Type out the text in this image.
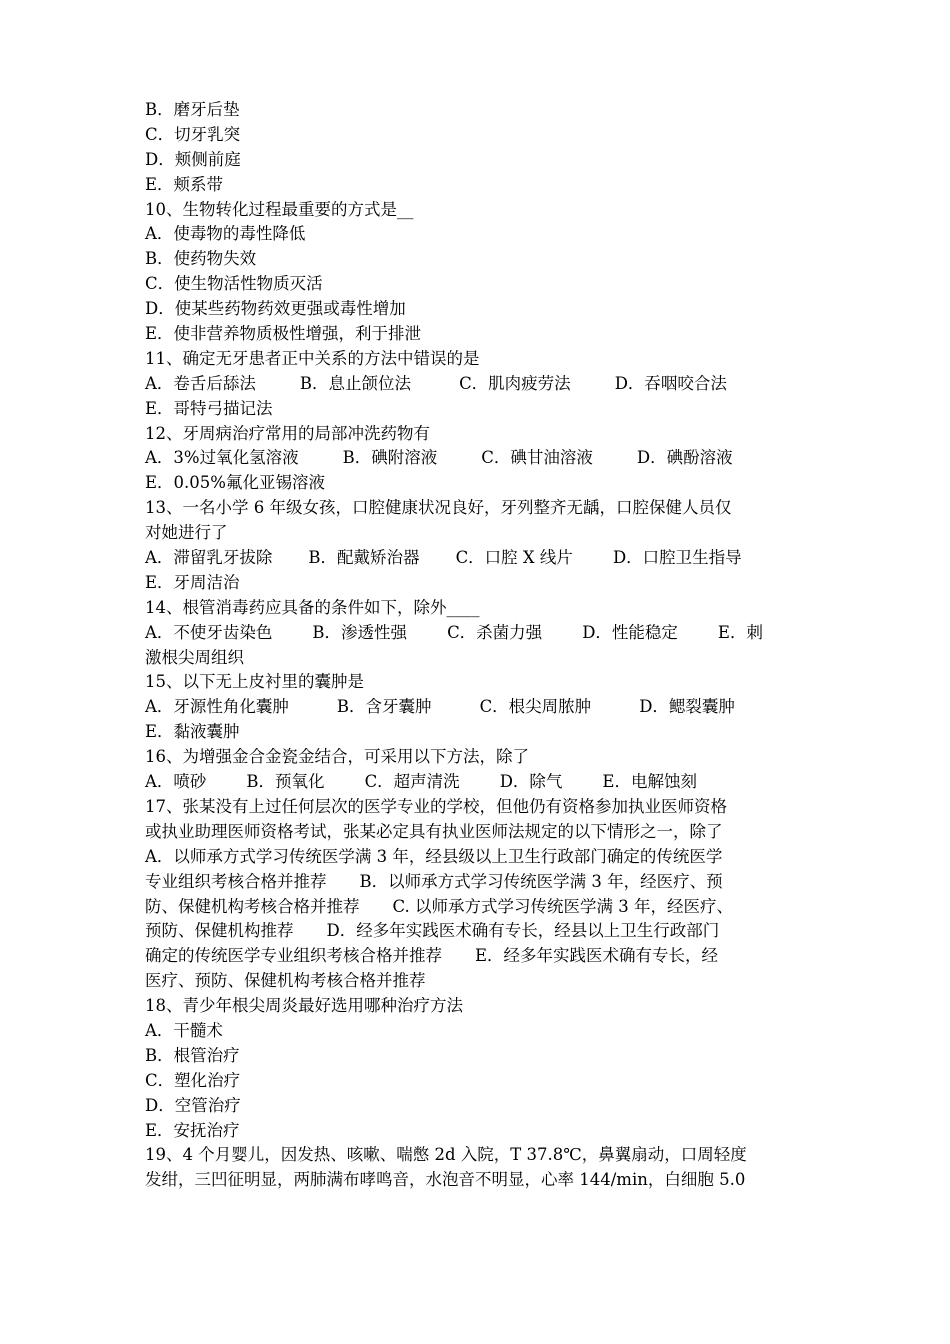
B．磨牙后垫
C．切牙乳突
D．颊侧前庭
E．颊系带
10、生物转化过程最重要的方式是__
A．使毒物的毒性降低
B．使药物失效
C．使生物活性物质灭活
D．使某些药物药效更强或毒性增加
E．使非营养物质极性增强，利于排泄
11、确定无牙患者正中关系的方法中错误的是
A．卷舌后舔法	B．息止颌位法	C．肌肉疲劳法	D．吞咽咬合法
E．哥特弓描记法
12、牙周病治疗常用的局部冲洗药物有
A．3%过氧化氢溶液	B．碘附溶液	C．碘甘油溶液	D．碘酚溶液
E．0.05%氟化亚锡溶液
13、一名小学 6 年级女孩，口腔健康状况良好，牙列整齐无龋，口腔保健人员仅
对她进行了
A．滞留乳牙拔除 B．配戴矫治器 C．口腔 X 线片 D．口腔卫生指导
E．牙周洁治
14、根管消毒药应具备的条件如下，除外____
A．不使牙齿染色 B．渗透性强 C．杀菌力强 D．性能稳定 E．刺
激根尖周组织
15、以下无上皮衬里的囊肿是
A．牙源性角化囊肿	B．含牙囊肿	C．根尖周脓肿	D．鳃裂囊肿
E．黏液囊肿
16、为增强金合金瓷金结合，可采用以下方法，除了
A．喷砂 B．预氧化 C．超声清洗 D．除气 E．电解蚀刻
17、张某没有上过任何层次的医学专业的学校，但他仍有资格参加执业医师资格
或执业助理医师资格考试，张某必定具有执业医师法规定的以下情形之一，除了
A．以师承方式学习传统医学满 3 年，经县级以上卫生行政部门确定的传统医学
专业组织考核合格并推荐　　B．以师承方式学习传统医学满 3 年，经医疗、预
防、保健机构考核合格并推荐　　C. 以师承方式学习传统医学满 3 年，经医疗、
预防、保健机构推荐　　D．经多年实践医术确有专长，经县以上卫生行政部门
确定的传统医学专业组织考核合格并推荐　　E．经多年实践医术确有专长，经
医疗、预防、保健机构考核合格并推荐
18、青少年根尖周炎最好选用哪种治疗方法
A．干髓术
B．根管治疗
C．塑化治疗
D．空管治疗
E．安抚治疗
19、4 个月婴儿，因发热、咳嗽、喘憋 2d 入院，T 37.8℃，鼻翼扇动，口周轻度
发绀，三凹征明显，两肺满布哮鸣音，水泡音不明显，心率 144/min，白细胞 5.0
